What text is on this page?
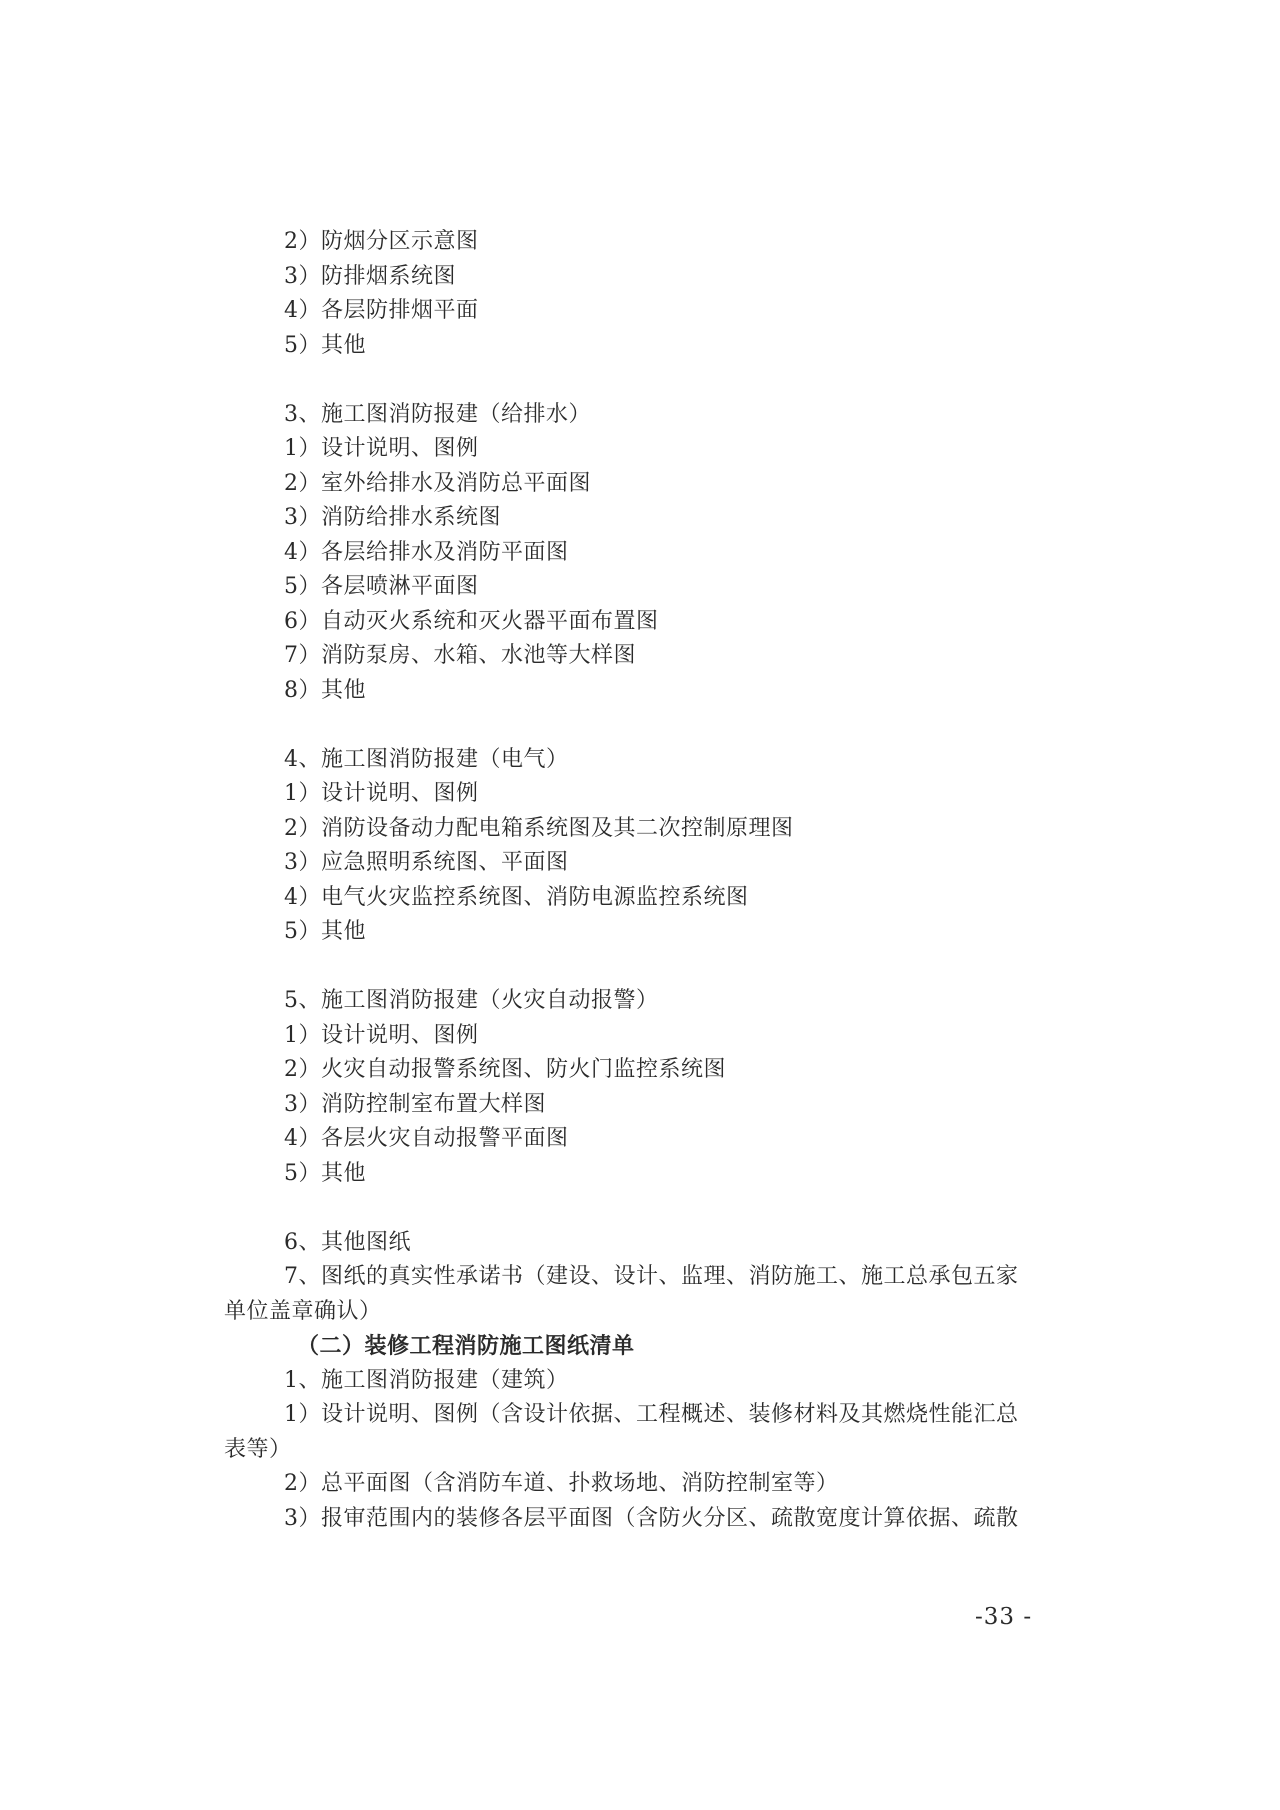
2）防烟分区示意图
3）防排烟系统图
4）各层防排烟平面
5）其他
3、施工图消防报建（给排水）
1）设计说明、图例
2）室外给排水及消防总平面图
3）消防给排水系统图
4）各层给排水及消防平面图
5）各层喷淋平面图
6）自动灭火系统和灭火器平面布置图
7）消防泵房、水箱、水池等大样图
8）其他
4、施工图消防报建（电气）
1）设计说明、图例
2）消防设备动力配电箱系统图及其二次控制原理图
3）应急照明系统图、平面图
4）电气火灾监控系统图、消防电源监控系统图
5）其他
5、施工图消防报建（火灾自动报警）
1）设计说明、图例
2）火灾自动报警系统图、防火门监控系统图
3）消防控制室布置大样图
4）各层火灾自动报警平面图
5）其他
6、其他图纸
7、图纸的真实性承诺书（建设、设计、监理、消防施工、施工总承包五家
单位盖章确认）
（二）装修工程消防施工图纸清单
1、施工图消防报建（建筑）
1）设计说明、图例（含设计依据、工程概述、装修材料及其燃烧性能汇总
表等）
2）总平面图（含消防车道、扑救场地、消防控制室等）
3）报审范围内的装修各层平面图（含防火分区、疏散宽度计算依据、疏散
-33 -
